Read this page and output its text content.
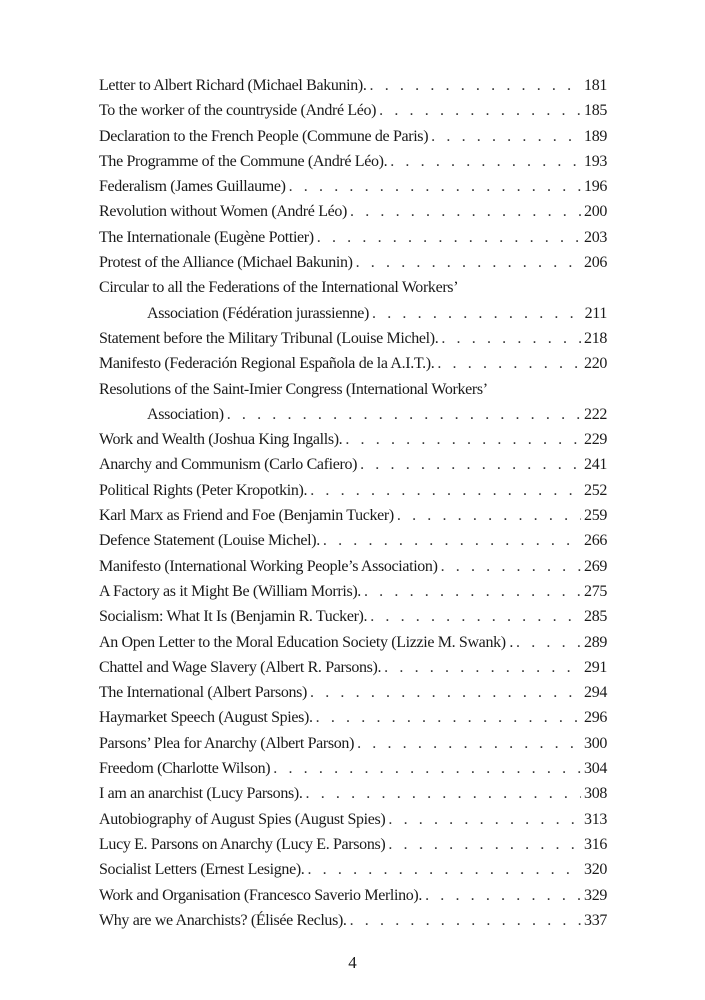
Letter to Albert Richard (Michael Bakunin). . . .	181
To the worker of the countryside (André Léo) . . .	185
Declaration to the French People (Commune de Paris) . . .	189
The Programme of the Commune (André Léo). . . .	193
Federalism (James Guillaume) . . .	196
Revolution without Women (André Léo) . . .	200
The Internationale (Eugène Pottier) . . .	203
Protest of the Alliance (Michael Bakunin) . . .	206
Circular to all the Federations of the International Workers’
Association (Fédération jurassienne) . . .	211
Statement before the Military Tribunal (Louise Michel). . . .	218
Manifesto (Federación Regional Española de la A.I.T.). . . .	220
Resolutions of the Saint-Imier Congress (International Workers’
Association) . . .	222
Work and Wealth (Joshua King Ingalls). . . .	229
Anarchy and Communism (Carlo Cafiero) . . .	241
Political Rights (Peter Kropotkin). . . .	252
Karl Marx as Friend and Foe (Benjamin Tucker) . . .	259
Defence Statement (Louise Michel). . . .	266
Manifesto (International Working People’s Association) . . .	269
A Factory as it Might Be (William Morris). . . .	275
Socialism: What It Is (Benjamin R. Tucker). . . .	285
An Open Letter to the Moral Education Society (Lizzie M. Swank) . . . .	289
Chattel and Wage Slavery (Albert R. Parsons). . . .	291
The International (Albert Parsons) . . .	294
Haymarket Speech (August Spies). . . .	296
Parsons’ Plea for Anarchy (Albert Parson) . . .	300
Freedom (Charlotte Wilson) . . .	304
I am an anarchist (Lucy Parsons). . . .	308
Autobiography of August Spies (August Spies) . . .	313
Lucy E. Parsons on Anarchy (Lucy E. Parsons) . . .	316
Socialist Letters (Ernest Lesigne). . . .	320
Work and Organisation (Francesco Saverio Merlino). . . .	329
Why are we Anarchists? (Élisée Reclus). . . .	337
4
